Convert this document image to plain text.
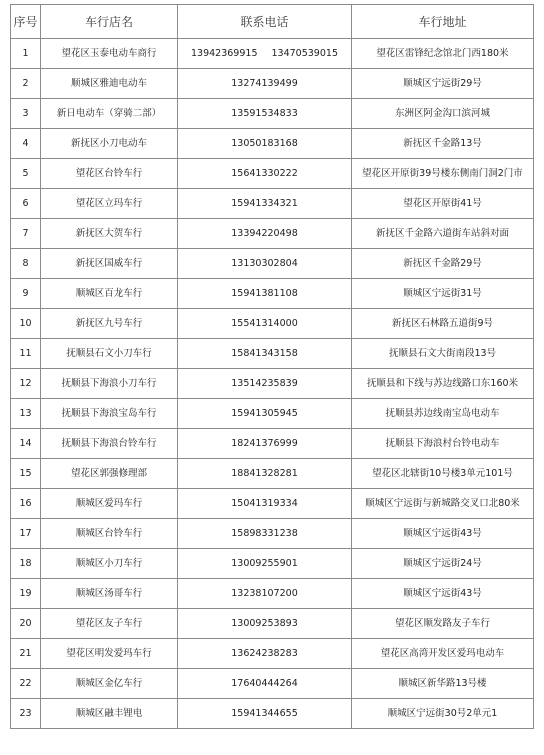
序号	车行店名	联系电话	车行地址
1	望花区玉泰电动车商行	13942369915 13470539015	望花区雷锋纪念馆北门西180米
2	顺城区雅迪电动车	13274139499	顺城区宁远街29号
3	新日电动车（穿骑二部）	13591534833	东洲区阿金沟口滨河城
4	新抚区小刀电动车	13050183168	新抚区千金路13号
5	望花区台铃车行	15641330222	望花区开原街39号楼东侧南门洞2门市
6	望花区立玛车行	15941334321	望花区开原街41号
7	新抚区大贺车行	13394220498	新抚区千金路六道街车站斜对面
8	新抚区国威车行	13130302804	新抚区千金路29号
9	顺城区百龙车行	15941381108	顺城区宁远街31号
10	新抚区九号车行	15541314000	新抚区石林路五道街9号
11	抚顺县石文小刀车行	15841343158	抚顺县石文大街南段13号
12	抚顺县下海浪小刀车行	13514235839	抚顺县和下线与苏边线路口东160米
13	抚顺县下海浪宝岛车行	15941305945	抚顺县苏边线南宝岛电动车
14	抚顺县下海浪台铃车行	18241376999	抚顺县下海浪村台铃电动车
15	望花区郭强修理部	18841328281	望花区北辖街10号楼3单元101号
16	顺城区爱玛车行	15041319334	顺城区宁远街与新城路交叉口北80米
17	顺城区台铃车行	15898331238	顺城区宁远街43号
18	顺城区小刀车行	13009255901	顺城区宁远街24号
19	顺城区汤哥车行	13238107200	顺城区宁远街43号
20	望花区友子车行	13009253893	望花区顺发路友子车行
21	望花区明发爱玛车行	13624238283	望花区高湾开发区爱玛电动车
22	顺城区金亿车行	17640444264	顺城区新华路13号楼
23	顺城区融丰锂电	15941344655	顺城区宁远街30号2单元1
